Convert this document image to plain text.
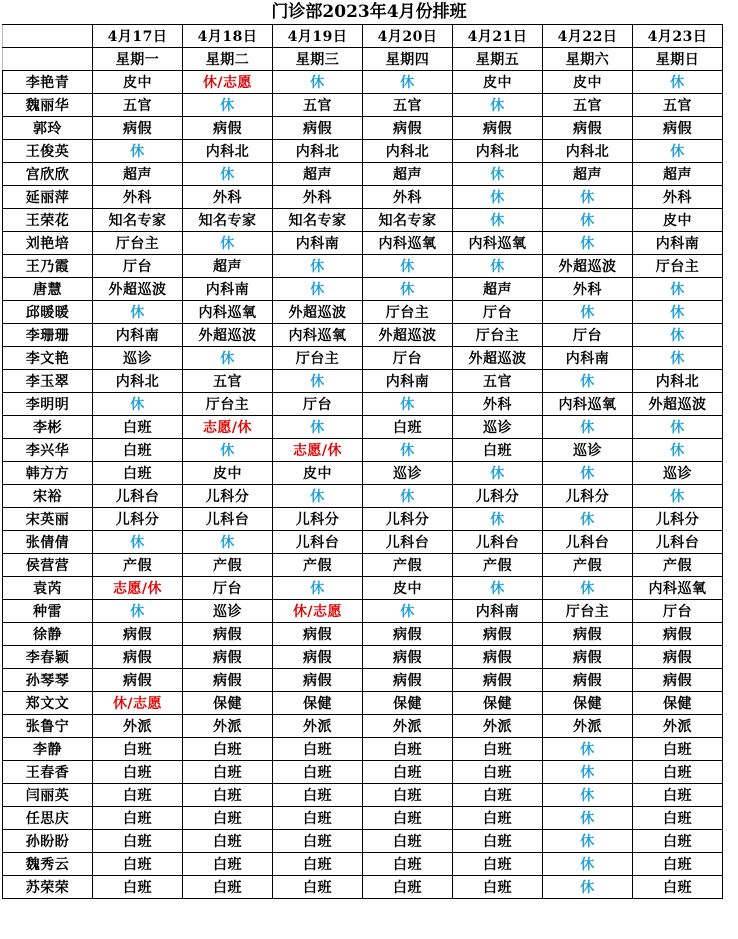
门诊部2023年4月份排班
	4月17日	4月18日	4月19日	4月20日	4月21日	4月22日	4月23日
	星期一	星期二	星期三	星期四	星期五	星期六	星期日
李艳青	皮中	休/志愿	休	休	皮中	皮中	休
魏丽华	五官	休	五官	五官	休	五官	五官
郭玲	病假	病假	病假	病假	病假	病假	病假
王俊英	休	内科北	内科北	内科北	内科北	内科北	休
宫欣欣	超声	休	超声	超声	休	超声	超声
延丽萍	外科	外科	外科	外科	休	休	外科
王荣花	知名专家	知名专家	知名专家	知名专家	休	休	皮中
刘艳培	厅台主	休	内科南	内科巡氧	内科巡氧	休	内科南
王乃霞	厅台	超声	休	休	休	外超巡波	厅台主
唐慧	外超巡波	内科南	休	休	超声	外科	休
邱暖暖	休	内科巡氧	外超巡波	厅台主	厅台	休	休
李珊珊	内科南	外超巡波	内科巡氧	外超巡波	厅台主	厅台	休
李文艳	巡诊	休	厅台主	厅台	外超巡波	内科南	休
李玉翠	内科北	五官	休	内科南	五官	休	内科北
李明明	休	厅台主	厅台	休	外科	内科巡氧	外超巡波
李彬	白班	志愿/休	休	白班	巡诊	休	休
李兴华	白班	休	志愿/休	休	白班	巡诊	休
韩方方	白班	皮中	皮中	巡诊	休	休	巡诊
宋裕	儿科台	儿科分	休	休	儿科分	儿科分	休
宋英丽	儿科分	儿科台	儿科分	儿科分	休	休	儿科分
张倩倩	休	休	儿科台	儿科台	儿科台	儿科台	儿科台
侯营营	产假	产假	产假	产假	产假	产假	产假
袁芮	志愿/休	厅台	休	皮中	休	休	内科巡氧
种雷	休	巡诊	休/志愿	休	内科南	厅台主	厅台
徐静	病假	病假	病假	病假	病假	病假	病假
李春颖	病假	病假	病假	病假	病假	病假	病假
孙琴琴	病假	病假	病假	病假	病假	病假	病假
郑文文	休/志愿	保健	保健	保健	保健	保健	保健
张鲁宁	外派	外派	外派	外派	外派	外派	外派
李静	白班	白班	白班	白班	白班	休	白班
王春香	白班	白班	白班	白班	白班	休	白班
闫丽英	白班	白班	白班	白班	白班	休	白班
任思庆	白班	白班	白班	白班	白班	休	白班
孙盼盼	白班	白班	白班	白班	白班	休	白班
魏秀云	白班	白班	白班	白班	白班	休	白班
苏荣荣	白班	白班	白班	白班	白班	休	白班
